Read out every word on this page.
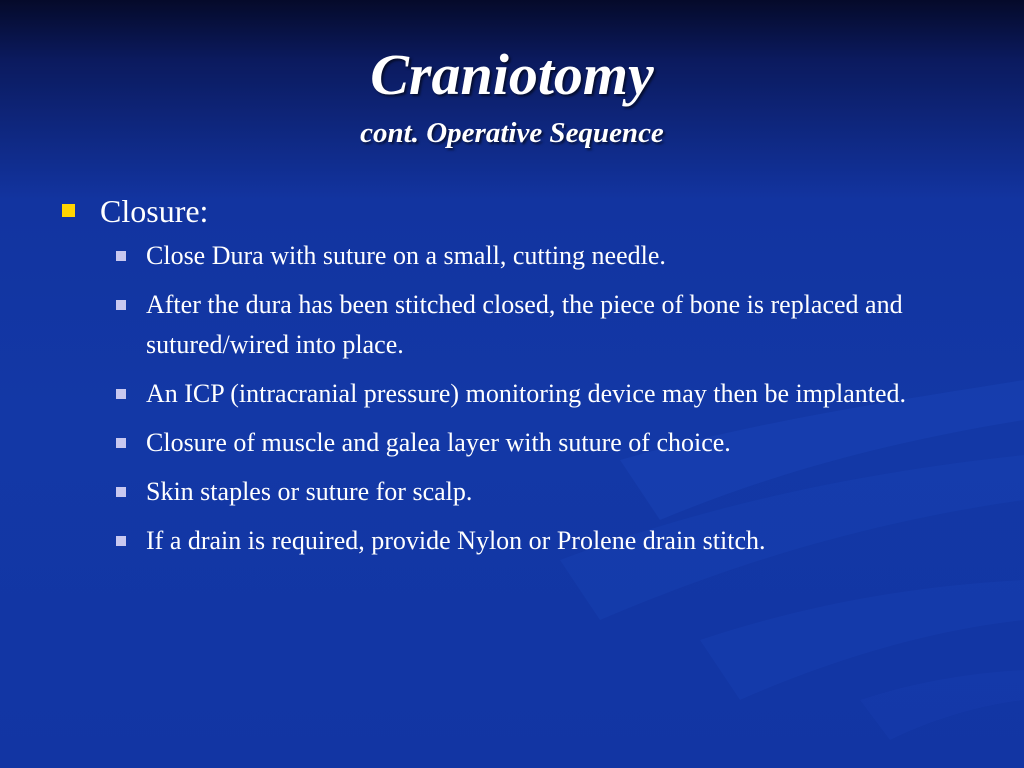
Craniotomy
cont. Operative Sequence
Closure:
Close Dura with suture on a small, cutting needle.
After the dura has been stitched closed, the piece of bone is replaced and sutured/wired into place.
An ICP (intracranial pressure) monitoring device may then be implanted.
Closure of muscle and galea layer with suture of choice.
Skin staples or suture for scalp.
If a drain is required, provide Nylon or Prolene drain stitch.
